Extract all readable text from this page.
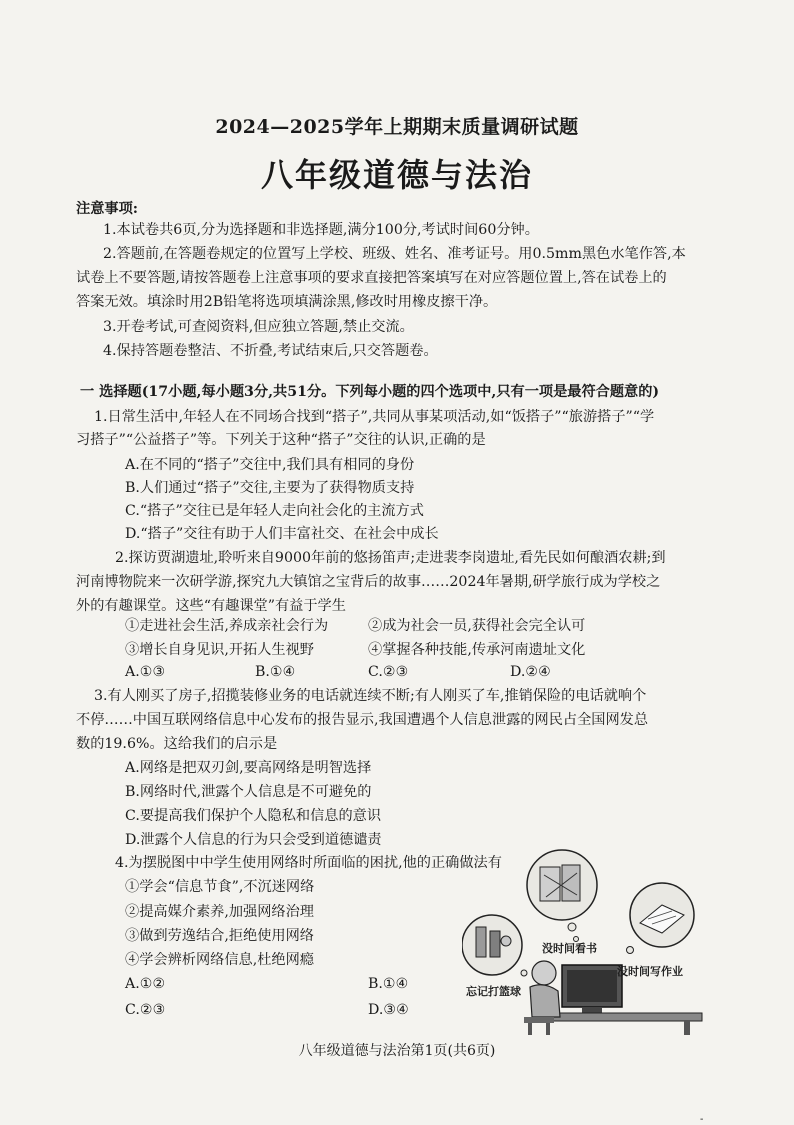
2024—2025学年上期期末质量调研试题
八年级道德与法治
注意事项:
1.本试卷共6页,分为选择题和非选择题,满分100分,考试时间60分钟。
2.答题前,在答题卷规定的位置写上学校、班级、姓名、准考证号。用0.5mm黑色水笔作答,本
试卷上不要答题,请按答题卷上注意事项的要求直接把答案填写在对应答题位置上,答在试卷上的
答案无效。填涂时用2B铅笔将选项填满涂黑,修改时用橡皮擦干净。
3.开卷考试,可查阅资料,但应独立答题,禁止交流。
4.保持答题卷整洁、不折叠,考试结束后,只交答题卷。
一 选择题(17小题,每小题3分,共51分。下列每小题的四个选项中,只有一项是最符合题意的)
1.日常生活中,年轻人在不同场合找到“搭子”,共同从事某项活动,如“饭搭子”“旅游搭子”“学
习搭子”“公益搭子”等。下列关于这种“搭子”交往的认识,正确的是
A.在不同的“搭子”交往中,我们具有相同的身份
B.人们通过“搭子”交往,主要为了获得物质支持
C.“搭子”交往已是年轻人走向社会化的主流方式
D.“搭子”交往有助于人们丰富社交、在社会中成长
2.探访贾湖遗址,聆听来自9000年前的悠扬笛声;走进裴李岗遗址,看先民如何酿酒农耕;到
河南博物院来一次研学游,探究九大镇馆之宝背后的故事……2024年暑期,研学旅行成为学校之
外的有趣课堂。这些“有趣课堂”有益于学生
①走进社会生活,养成亲社会行为	②成为社会一员,获得社会完全认可
③增长自身见识,开拓人生视野	④掌握各种技能,传承河南遗址文化
A.①③	B.①④	C.②③	D.②④
3.有人刚买了房子,招揽装修业务的电话就连续不断;有人刚买了车,推销保险的电话就响个
不停……中国互联网络信息中心发布的报告显示,我国遭遇个人信息泄露的网民占全国网发总
数的19.6%。这给我们的启示是
A.网络是把双刃剑,要高网络是明智选择
B.网络时代,泄露个人信息是不可避免的
C.要提高我们保护个人隐私和信息的意识
D.泄露个人信息的行为只会受到道德谴责
4.为摆脱图中中学生使用网络时所面临的困扰,他的正确做法有
①学会“信息节食”,不沉迷网络
②提高媒介素养,加强网络治理
③做到劳逸结合,拒绝使用网络
④学会辨析网络信息,杜绝网瘾
A.①②	B.①④
C.②③	D.③④
没时间看书
没时间写作业
忘记打篮球
八年级道德与法治第1页(共6页)
-
